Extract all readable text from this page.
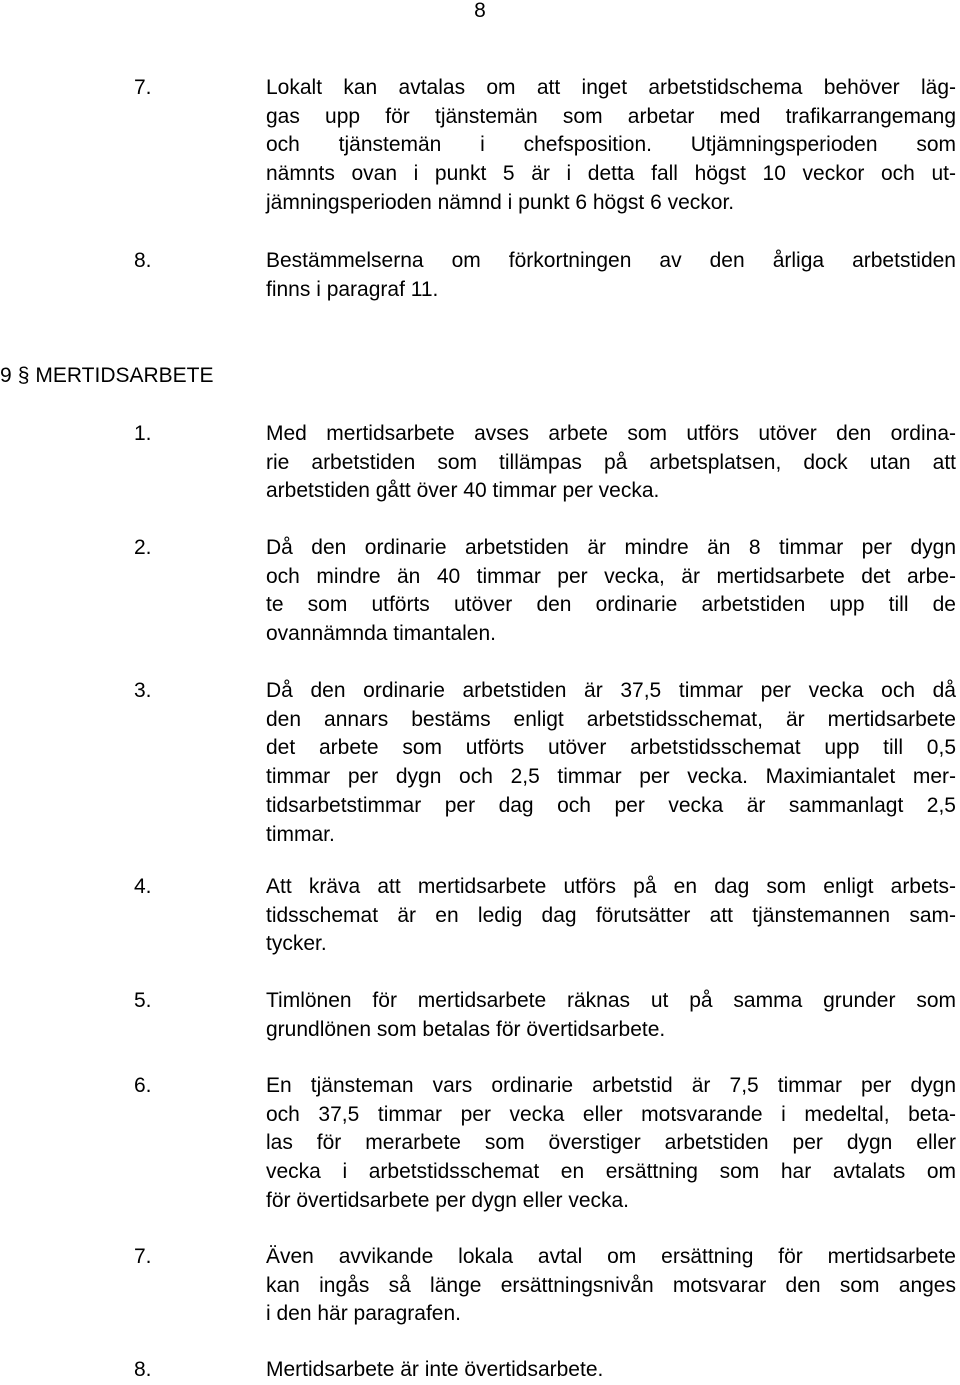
8
7.	Lokalt kan avtalas om att inget arbetstidschema behöver läg-
gas upp för tjänstemän som arbetar med trafikarrangemang
och tjänstemän i chefsposition. Utjämningsperioden som
nämnts ovan i punkt 5 är i detta fall högst 10 veckor och ut-
jämningsperioden nämnd i punkt 6 högst 6 veckor.
8.	Bestämmelserna om förkortningen av den årliga arbetstiden
finns i paragraf 11.
9 § MERTIDSARBETE
1.	Med mertidsarbete avses arbete som utförs utöver den ordina-
rie arbetstiden som tillämpas på arbetsplatsen, dock utan att
arbetstiden gått över 40 timmar per vecka.
2.	Då den ordinarie arbetstiden är mindre än 8 timmar per dygn
och mindre än 40 timmar per vecka, är mertidsarbete det arbe-
te som utförts utöver den ordinarie arbetstiden upp till de
ovannämnda timantalen.
3.	Då den ordinarie arbetstiden är 37,5 timmar per vecka och då
den annars bestäms enligt arbetstidsschemat, är mertidsarbete
det arbete som utförts utöver arbetstidsschemat upp till 0,5
timmar per dygn och 2,5 timmar per vecka. Maximiantalet mer-
tidsarbetstimmar per dag och per vecka är sammanlagt 2,5
timmar.
4.	Att kräva att mertidsarbete utförs på en dag som enligt arbets-
tidsschemat är en ledig dag förutsätter att tjänstemannen sam-
tycker.
5.	Timlönen för mertidsarbete räknas ut på samma grunder som
grundlönen som betalas för övertidsarbete.
6.	En tjänsteman vars ordinarie arbetstid är 7,5 timmar per dygn
och 37,5 timmar per vecka eller motsvarande i medeltal, beta-
las för merarbete som överstiger arbetstiden per dygn eller
vecka i arbetstidsschemat en ersättning som har avtalats om
för övertidsarbete per dygn eller vecka.
7.	Även avvikande lokala avtal om ersättning för mertidsarbete
kan ingås så länge ersättningsnivån motsvarar den som anges
i den här paragrafen.
8.	Mertidsarbete är inte övertidsarbete.
